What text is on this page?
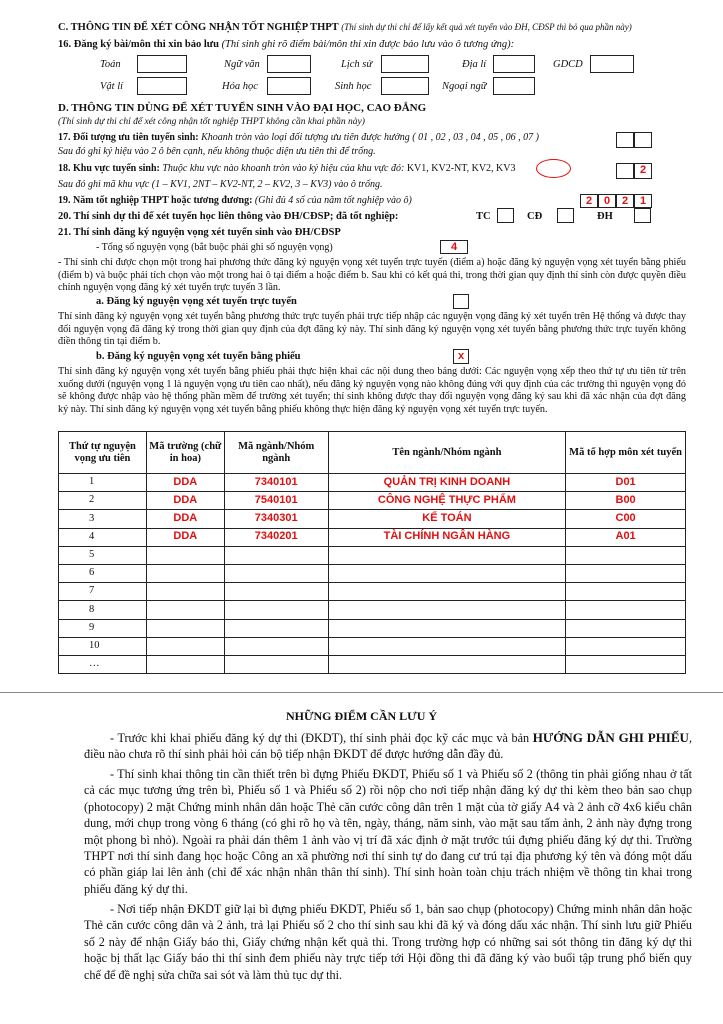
C. THÔNG TIN ĐỂ XÉT CÔNG NHẬN TỐT NGHIỆP THPT (Thí sinh dự thi chỉ để lấy kết quả xét tuyển vào ĐH, CĐSP thì bỏ qua phần này)
16. Đăng ký bài/môn thi xin bảo lưu (Thí sinh ghi rõ điểm bài/môn thi xin được bảo lưu vào ô tương ứng):
Toán	Ngữ văn	Lịch sử	Địa lí	GDCD
Vật lí	Hóa học	Sinh học	Ngoại ngữ
D. THÔNG TIN DÙNG ĐỂ XÉT TUYỂN SINH VÀO ĐẠI HỌC, CAO ĐẲNG
(Thí sinh dự thi chỉ để xét công nhận tốt nghiệp THPT không cần khai phần này)
17. Đối tượng ưu tiên tuyển sinh: Khoanh tròn vào loại đối tượng ưu tiên được hưởng ( 01 , 02 , 03 , 04 , 05 , 06 , 07 )
Sau đó ghi ký hiệu vào 2 ô bên cạnh, nếu không thuộc diện ưu tiên thì để trống.
18. Khu vực tuyển sinh: Thuộc khu vực nào khoanh tròn vào ký hiệu của khu vực đó: KV1, KV2-NT, KV2, KV3	2
Sau đó ghi mã khu vực (1 – KV1, 2NT – KV2-NT, 2 – KV2, 3 – KV3) vào ô trống.
19. Năm tốt nghiệp THPT hoặc tương đương: (Ghi đủ 4 số của năm tốt nghiệp vào ô)	2	0	2	1
20. Thí sinh dự thi để xét tuyển học liên thông vào ĐH/CĐSP; đã tốt nghiệp:	TC	CĐ	ĐH
21. Thí sinh đăng ký nguyện vọng xét tuyển sinh vào ĐH/CĐSP
- Tổng số nguyện vọng (bắt buộc phải ghi số nguyện vọng)	4
- Thí sinh chỉ được chọn một trong hai phương thức đăng ký nguyện vọng xét tuyển trực tuyến (điểm a) hoặc đăng ký nguyện vọng xét tuyển bằng phiếu (điểm b) và buộc phải tích chọn vào một trong hai ô tại điểm a hoặc điểm b. Sau khi có kết quả thi, trong thời gian quy định thí sinh còn được quyền điều chỉnh nguyện vọng đăng ký xét tuyển trực tuyến 3 lần.
a. Đăng ký nguyện vọng xét tuyển trực tuyến
Thí sinh đăng ký nguyện vọng xét tuyển bằng phương thức trực tuyến phải trực tiếp nhập các nguyện vọng đăng ký xét tuyển trên Hệ thống và được thay đổi nguyện vọng đã đăng ký trong thời gian quy định của đợt đăng ký này. Thí sinh đăng ký nguyện vọng xét tuyển bằng phương thức trực tuyến không điền thông tin tại điểm b.
b. Đăng ký nguyện vọng xét tuyển bằng phiếu	x
Thí sinh đăng ký nguyện vọng xét tuyển bằng phiếu phải thực hiện khai các nội dung theo bảng dưới: Các nguyện vọng xếp theo thứ tự ưu tiên từ trên xuống dưới (nguyện vọng 1 là nguyện vọng ưu tiên cao nhất), nếu đăng ký nguyện vọng nào không đúng với quy định của các trường thì nguyện vọng đó sẽ không được nhập vào hệ thống phần mềm để trường xét tuyển; thí sinh không được thay đổi nguyện vọng đăng ký sau khi đã xác nhận của đợt đăng ký này. Thí sinh đăng ký nguyện vọng xét tuyển bằng phiếu không thực hiện đăng ký nguyện vọng xét tuyển trực tuyến.
Thứ tự nguyện vọng ưu tiên	Mã trường (chữ in hoa)	Mã ngành/Nhóm ngành	Tên ngành/Nhóm ngành	Mã tổ hợp môn xét tuyển
1	DDA	7340101	QUẢN TRỊ KINH DOANH	D01
2	DDA	7540101	CÔNG NGHỆ THỰC PHẨM	B00
3	DDA	7340301	KẾ TOÁN	C00
4	DDA	7340201	TÀI CHÍNH NGÂN HÀNG	A01
5				
6				
7				
8				
9				
10				
…				
NHỮNG ĐIỂM CẦN LƯU Ý
- Trước khi khai phiếu đăng ký dự thi (ĐKDT), thí sinh phải đọc kỹ các mục và bản HƯỚNG DẪN GHI PHIẾU, điều nào chưa rõ thí sinh phải hỏi cán bộ tiếp nhận ĐKDT để được hướng dẫn đầy đủ.
- Thí sinh khai thông tin cần thiết trên bì đựng Phiếu ĐKDT, Phiếu số 1 và Phiếu số 2 (thông tin phải giống nhau ở tất cả các mục tương ứng trên bì, Phiếu số 1 và Phiếu số 2) rồi nộp cho nơi tiếp nhận đăng ký dự thi kèm theo bản sao chụp (photocopy) 2 mặt Chứng minh nhân dân hoặc Thẻ căn cước công dân trên 1 mặt của tờ giấy A4 và 2 ảnh cỡ 4x6 kiểu chân dung, mới chụp trong vòng 6 tháng (có ghi rõ họ và tên, ngày, tháng, năm sinh, vào mặt sau tấm ảnh, 2 ảnh này đựng trong một phong bì nhỏ). Ngoài ra phải dán thêm 1 ảnh vào vị trí đã xác định ở mặt trước túi đựng phiếu đăng ký dự thi. Trường THPT nơi thí sinh đang học hoặc Công an xã phường nơi thí sinh tự do đang cư trú tại địa phương ký tên và đóng một dấu có phần giáp lai lên ảnh (chỉ để xác nhận nhân thân thí sinh). Thí sinh hoàn toàn chịu trách nhiệm về thông tin khai trong phiếu đăng ký dự thi.
- Nơi tiếp nhận ĐKDT giữ lại bì đựng phiếu ĐKDT, Phiếu số 1, bản sao chụp (photocopy) Chứng minh nhân dân hoặc Thẻ căn cước công dân và 2 ảnh, trả lại Phiếu số 2 cho thí sinh sau khi đã ký và đóng dấu xác nhận. Thí sinh lưu giữ Phiếu số 2 này để nhận Giấy báo thi, Giấy chứng nhận kết quả thi. Trong trường hợp có những sai sót thông tin đăng ký dự thi hoặc bị thất lạc Giấy báo thi thí sinh đem phiếu này trực tiếp tới Hội đồng thi đã đăng ký vào buổi tập trung phổ biến quy chế để đề nghị sửa chữa sai sót và làm thủ tục dự thi.
